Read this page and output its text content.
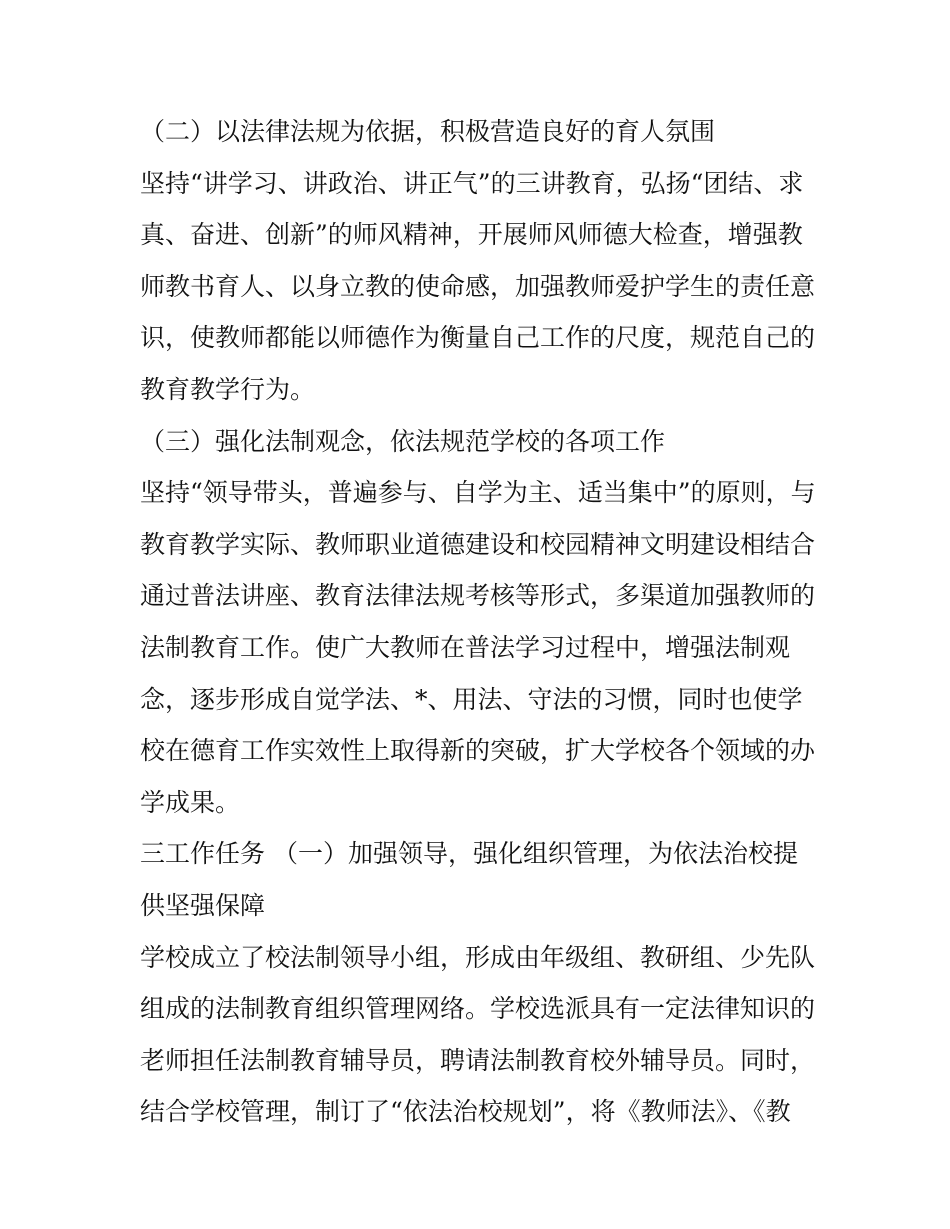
（二）以法律法规为依据，积极营造良好的育人氛围
坚持“讲学习、讲政治、讲正气”的三讲教育，弘扬“团结、求
真、奋进、创新”的师风精神，开展师风师德大检查，增强教
师教书育人、以身立教的使命感，加强教师爱护学生的责任意
识，使教师都能以师德作为衡量自己工作的尺度，规范自己的
教育教学行为。
（三）强化法制观念，依法规范学校的各项工作
坚持“领导带头，普遍参与、自学为主、适当集中”的原则，与
教育教学实际、教师职业道德建设和校园精神文明建设相结合
通过普法讲座、教育法律法规考核等形式，多渠道加强教师的
法制教育工作。使广大教师在普法学习过程中，增强法制观
念，逐步形成自觉学法、*、用法、守法的习惯，同时也使学
校在德育工作实效性上取得新的突破，扩大学校各个领域的办
学成果。
三工作任务 （一）加强领导，强化组织管理，为依法治校提
供坚强保障
学校成立了校法制领导小组，形成由年级组、教研组、少先队
组成的法制教育组织管理网络。学校选派具有一定法律知识的
老师担任法制教育辅导员，聘请法制教育校外辅导员。同时，
结合学校管理，制订了“依法治校规划”，将《教师法》、《教
